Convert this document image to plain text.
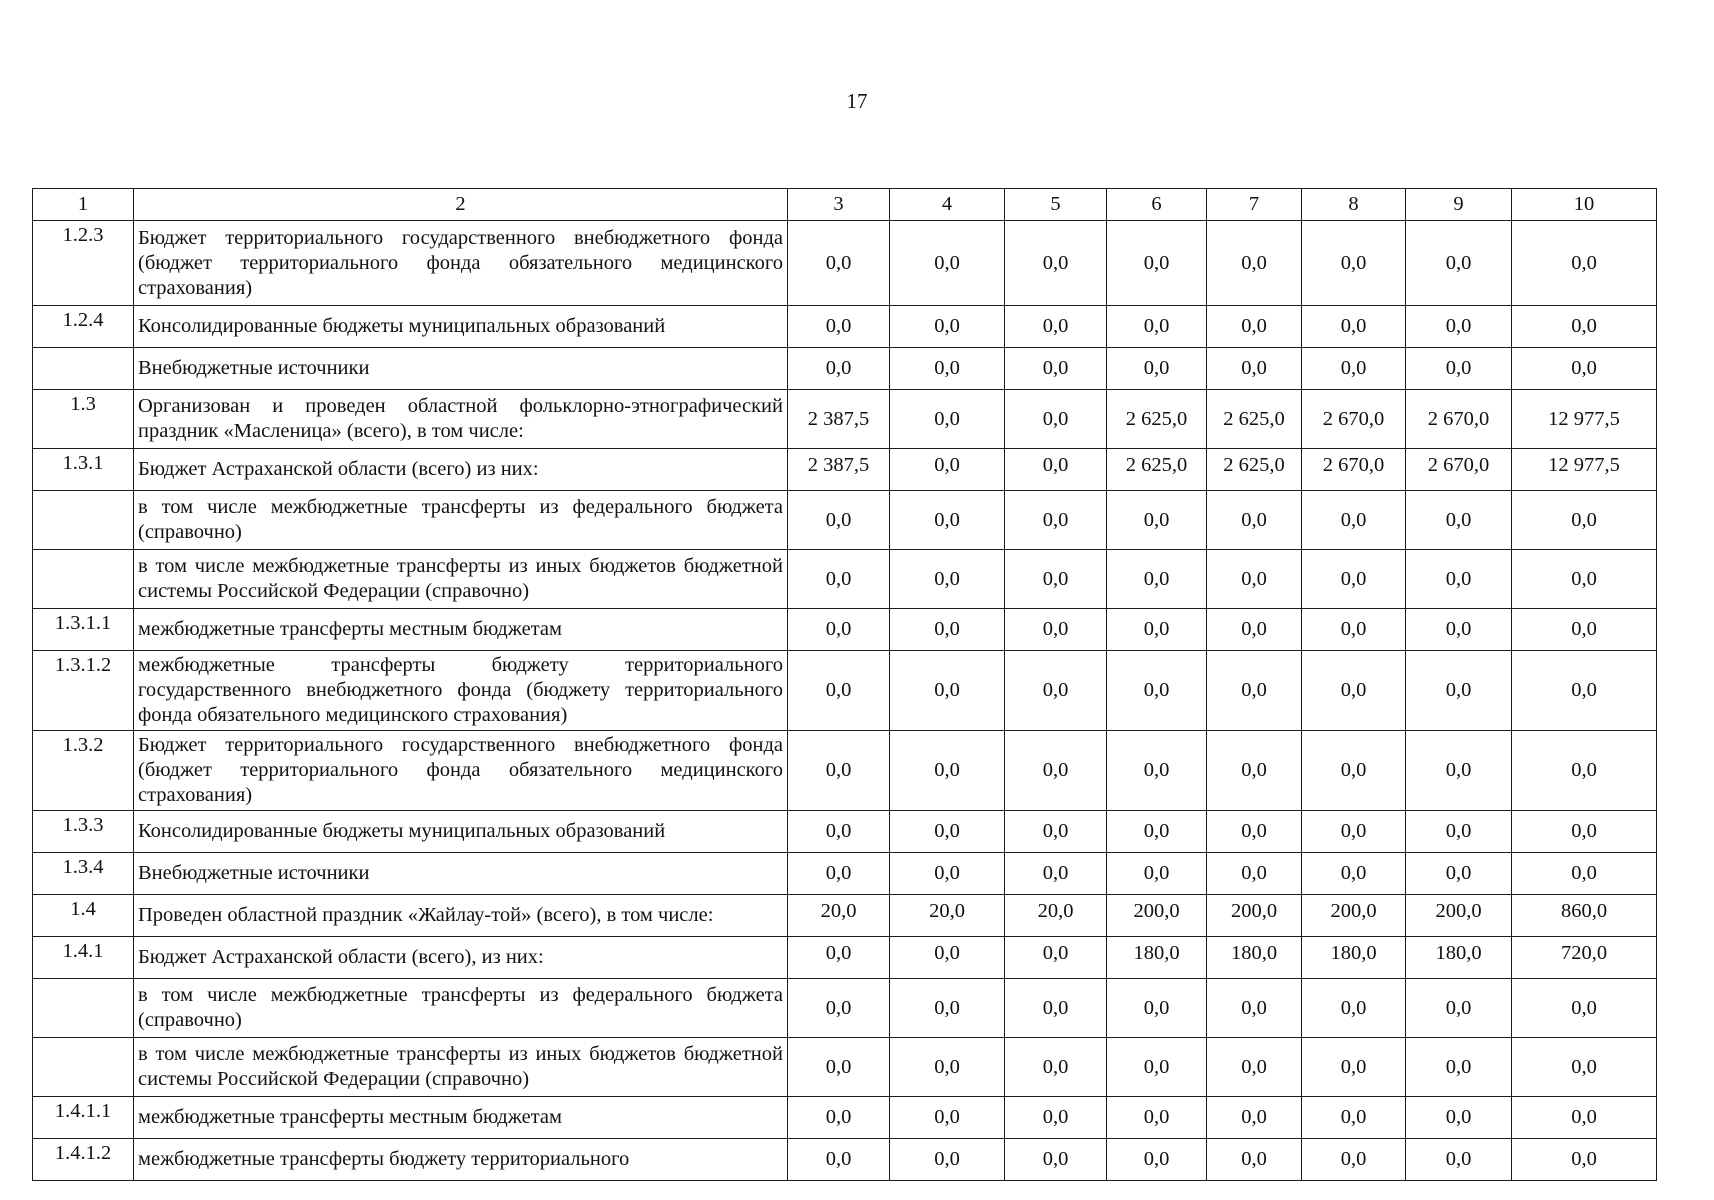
17
1	2	3	4	5	6	7	8	9	10
1.2.3	Бюджет территориального государственного внебюджетного фонда (бюджет территориального фонда обязательного медицинского страхования)	0,0	0,0	0,0	0,0	0,0	0,0	0,0	0,0
1.2.4	Консолидированные бюджеты муниципальных образований	0,0	0,0	0,0	0,0	0,0	0,0	0,0	0,0
	Внебюджетные источники	0,0	0,0	0,0	0,0	0,0	0,0	0,0	0,0
1.3	Организован и проведен областной фольклорно-этнографический праздник «Масленица» (всего), в том числе:	2 387,5	0,0	0,0	2 625,0	2 625,0	2 670,0	2 670,0	12 977,5
1.3.1	Бюджет Астраханской области (всего) из них:	2 387,5	0,0	0,0	2 625,0	2 625,0	2 670,0	2 670,0	12 977,5
	в том числе межбюджетные трансферты из федерального бюджета (справочно)	0,0	0,0	0,0	0,0	0,0	0,0	0,0	0,0
	в том числе межбюджетные трансферты из иных бюджетов бюджетной системы Российской Федерации (справочно)	0,0	0,0	0,0	0,0	0,0	0,0	0,0	0,0
1.3.1.1	межбюджетные трансферты местным бюджетам	0,0	0,0	0,0	0,0	0,0	0,0	0,0	0,0
1.3.1.2	межбюджетные трансферты бюджету территориального государственного внебюджетного фонда (бюджету территориального фонда обязательного медицинского страхования)	0,0	0,0	0,0	0,0	0,0	0,0	0,0	0,0
1.3.2	Бюджет территориального государственного внебюджетного фонда (бюджет территориального фонда обязательного медицинского страхования)	0,0	0,0	0,0	0,0	0,0	0,0	0,0	0,0
1.3.3	Консолидированные бюджеты муниципальных образований	0,0	0,0	0,0	0,0	0,0	0,0	0,0	0,0
1.3.4	Внебюджетные источники	0,0	0,0	0,0	0,0	0,0	0,0	0,0	0,0
1.4	Проведен областной праздник «Жайлау-той» (всего), в том числе:	20,0	20,0	20,0	200,0	200,0	200,0	200,0	860,0
1.4.1	Бюджет Астраханской области (всего), из них:	0,0	0,0	0,0	180,0	180,0	180,0	180,0	720,0
	в том числе межбюджетные трансферты из федерального бюджета (справочно)	0,0	0,0	0,0	0,0	0,0	0,0	0,0	0,0
	в том числе межбюджетные трансферты из иных бюджетов бюджетной системы Российской Федерации (справочно)	0,0	0,0	0,0	0,0	0,0	0,0	0,0	0,0
1.4.1.1	межбюджетные трансферты местным бюджетам	0,0	0,0	0,0	0,0	0,0	0,0	0,0	0,0
1.4.1.2	межбюджетные трансферты бюджету территориального	0,0	0,0	0,0	0,0	0,0	0,0	0,0	0,0
